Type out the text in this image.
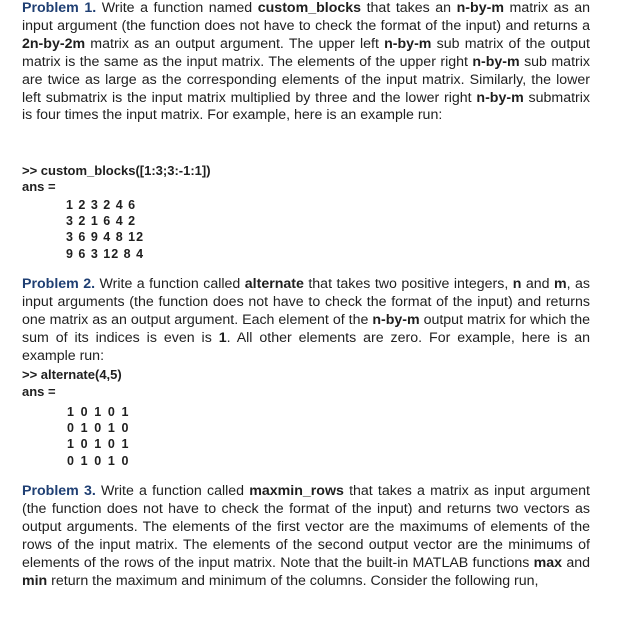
Problem 1. Write a function named custom_blocks that takes an n-by-m matrix as an input argument (the function does not have to check the format of the input) and returns a 2n-by-2m matrix as an output argument. The upper left n-by-m sub matrix of the output matrix is the same as the input matrix. The elements of the upper right n-by-m sub matrix are twice as large as the corresponding elements of the input matrix. Similarly, the lower left submatrix is the input matrix multiplied by three and the lower right n-by-m submatrix is four times the input matrix. For example, here is an example run:

>> custom_blocks([1:3;3:-1:1])

ans =

1 2 3 2 4 6
3 2 1 6 4 2
3 6 9 4 8 12
9 6 3 12 8 4

Problem 2. Write a function called alternate that takes two positive integers, n and m, as input arguments (the function does not have to check the format of the input) and returns one matrix as an output argument. Each element of the n-by-m output matrix for which the sum of its indices is even is 1. All other elements are zero. For example, here is an example run:

>> alternate(4,5)

ans =

1 0 1 0 1
0 1 0 1 0
1 0 1 0 1
0 1 0 1 0

Problem 3. Write a function called maxmin_rows that takes a matrix as input argument (the function does not have to check the format of the input) and returns two vectors as output arguments. The elements of the first vector are the maximums of elements of the rows of the input matrix. The elements of the second output vector are the minimums of elements of the rows of the input matrix. Note that the built-in MATLAB functions max and min return the maximum and minimum of the columns. Consider the following run,
